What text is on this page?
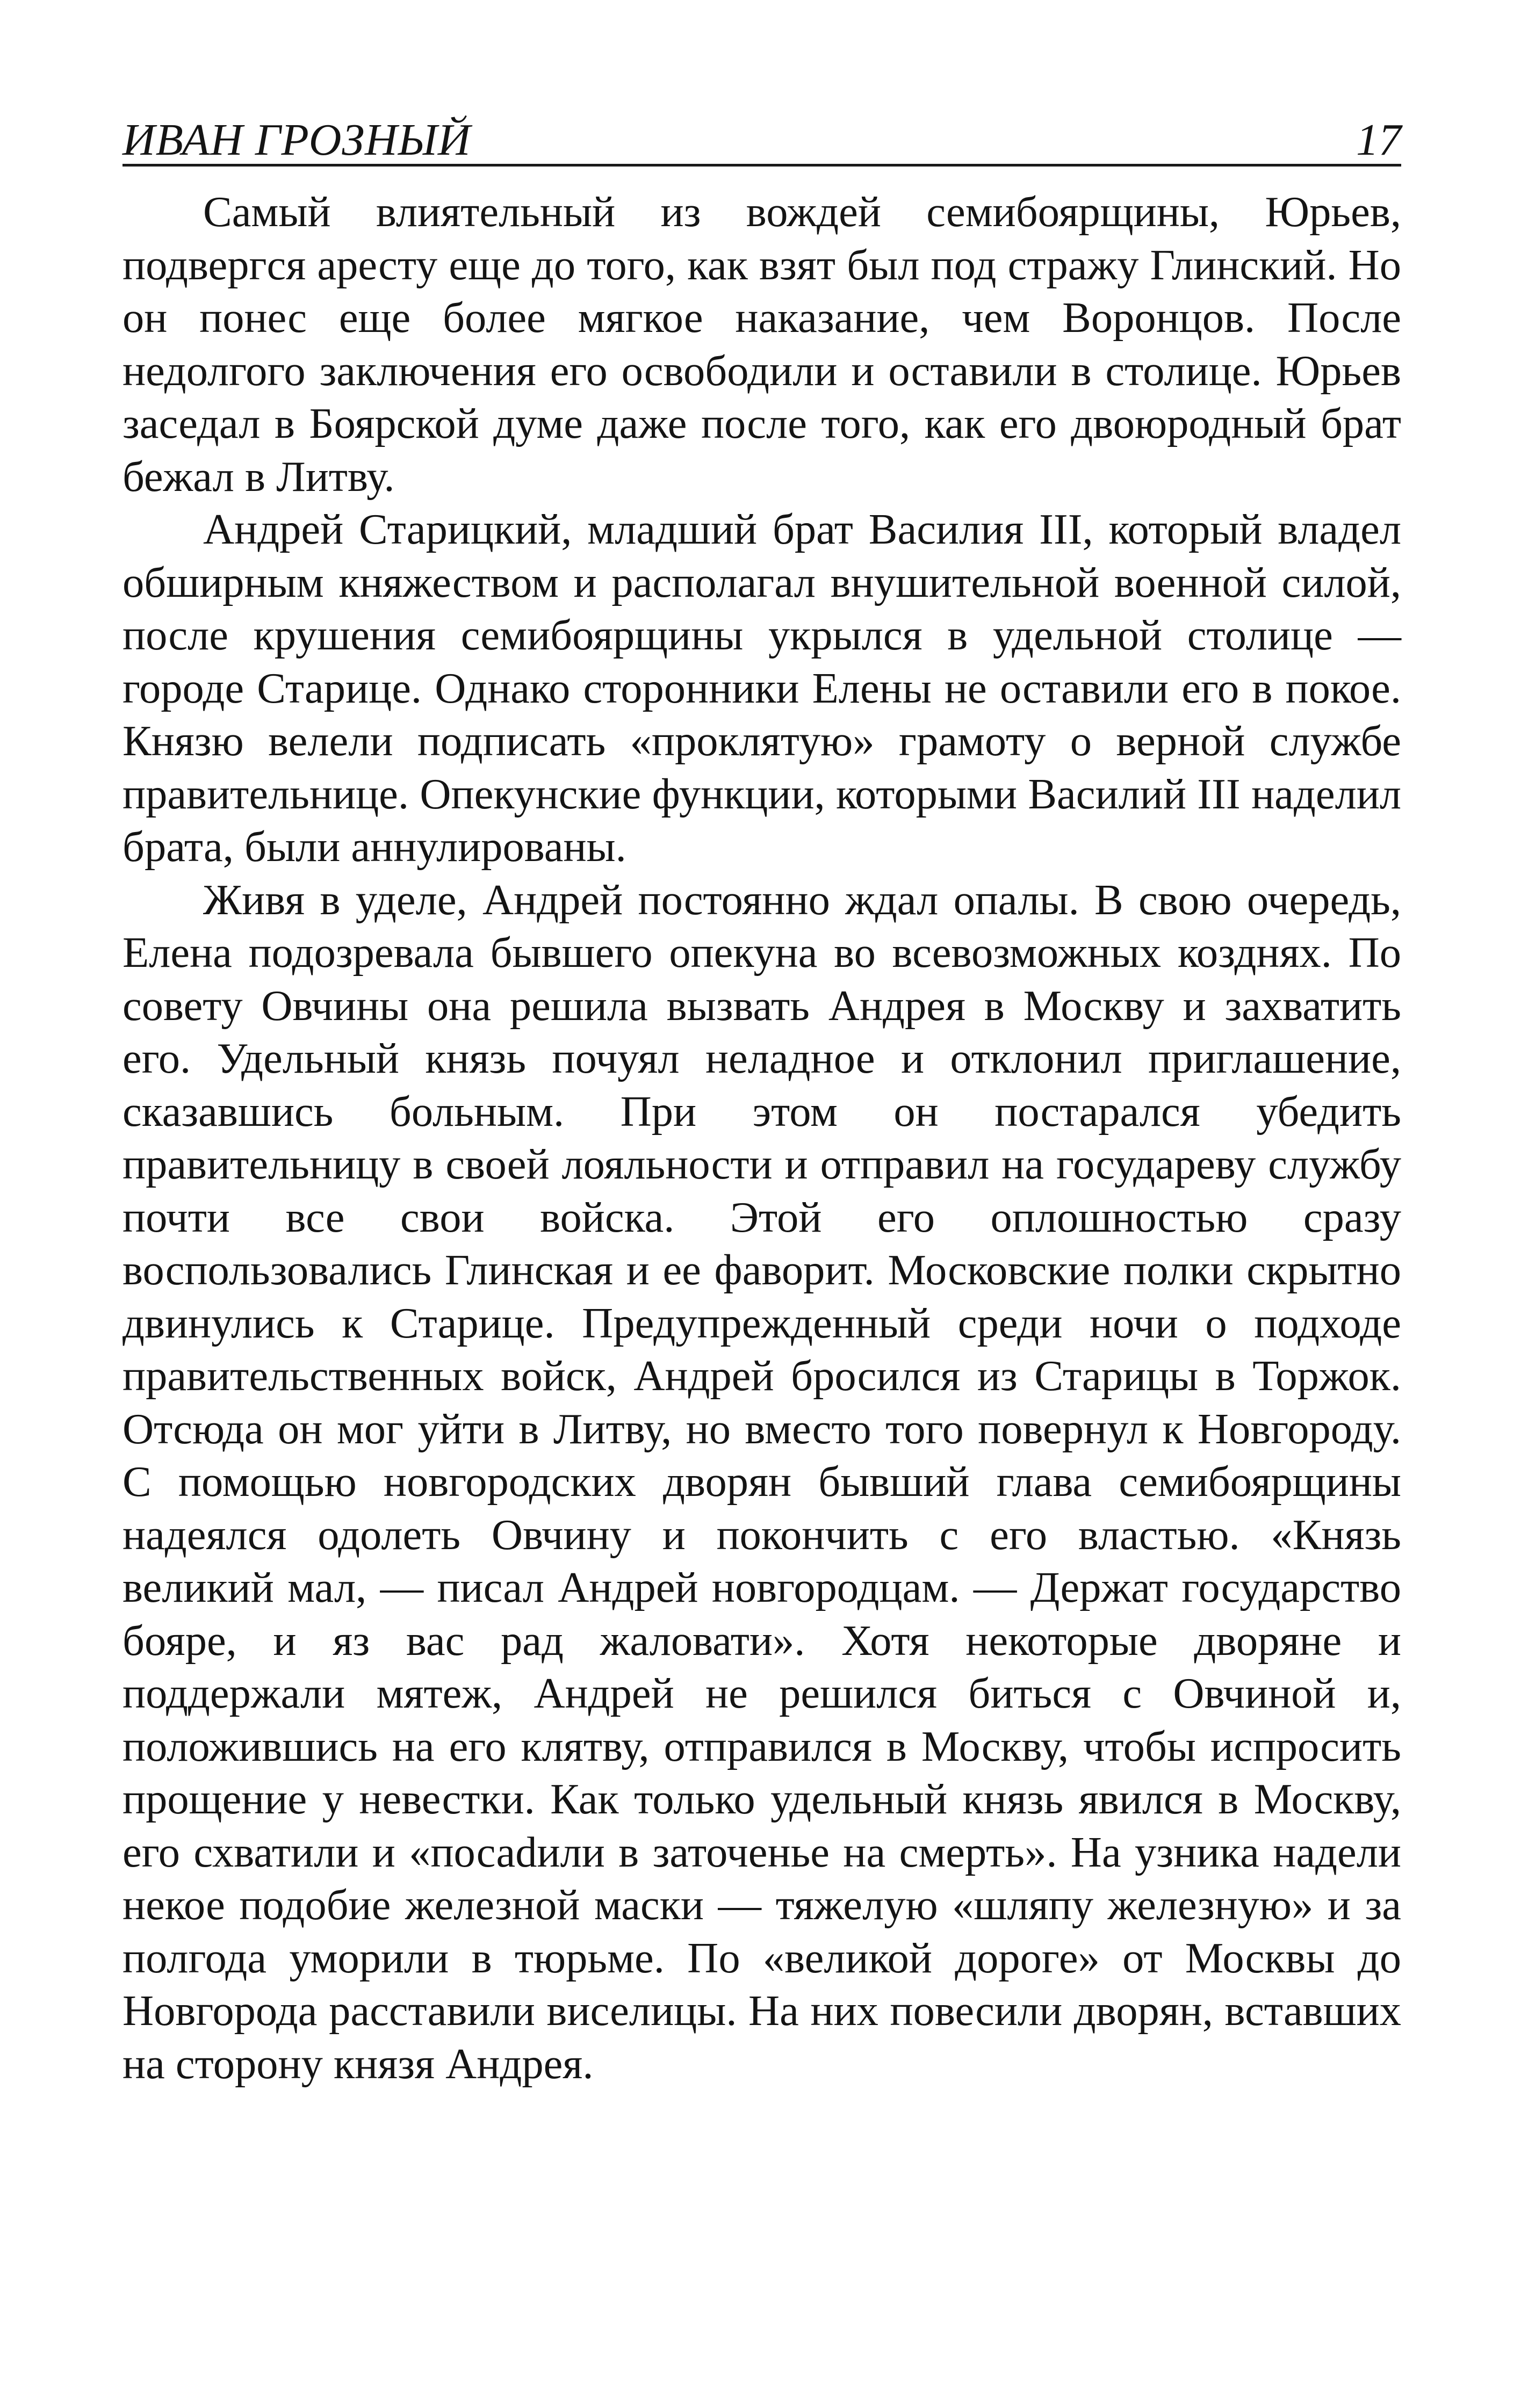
ИВАН ГРОЗНЫЙ	17

Самый влиятельный из вождей семибоярщины, Юрьев, подвергся аресту еще до того, как взят был под стражу Глинский. Но он понес еще более мягкое наказание, чем Воронцов. После недолгого заключения его освободили и оставили в столице. Юрьев заседал в Боярской думе даже после того, как его двоюродный брат бежал в Литву.

Андрей Старицкий, младший брат Василия III, который владел обширным княжеством и располагал внушительной военной силой, после крушения семибоярщины укрылся в удельной столице — городе Старице. Однако сторонники Елены не оставили его в покое. Князю велели подписать «проклятую» грамоту о верной службе правительнице. Опекунские функции, которыми Василий III наделил брата, были аннулированы.

Живя в уделе, Андрей постоянно ждал опалы. В свою очередь, Елена подозревала бывшего опекуна во всевозможных козднях. По совету Овчины она решила вызвать Андрея в Москву и захватить его. Удельный князь почуял неладное и отклонил приглашение, сказавшись больным. При этом он постарался убедить правительницу в своей лояльности и отправил на государеву службу почти все свои войска. Этой его оплошностью сразу воспользовались Глинская и ее фаворит. Московские полки скрытно двинулись к Старице. Предупрежденный среди ночи о подходе правительственных войск, Андрей бросился из Старицы в Торжок. Отсюда он мог уйти в Литву, но вместо того повернул к Новгороду. С помощью новгородских дворян бывший глава семибоярщины надеялся одолеть Овчину и покончить с его властью. «Князь великий мал, — писал Андрей новгородцам. — Держат государство бояре, и яз вас рад жаловати». Хотя некоторые дворяне и поддержали мятеж, Андрей не решился биться с Овчиной и, положившись на его клятву, отправился в Москву, чтобы испросить прощение у невестки. Как только удельный князь явился в Москву, его схватили и «посаdили в заточенье на смерть». На узника надели некое подобие железной маски — тяжелую «шляпу железную» и за полгода уморили в тюрьме. По «великой дороге» от Москвы до Новгорода расставили виселицы. На них повесили дворян, вставших на сторону князя Андрея.
